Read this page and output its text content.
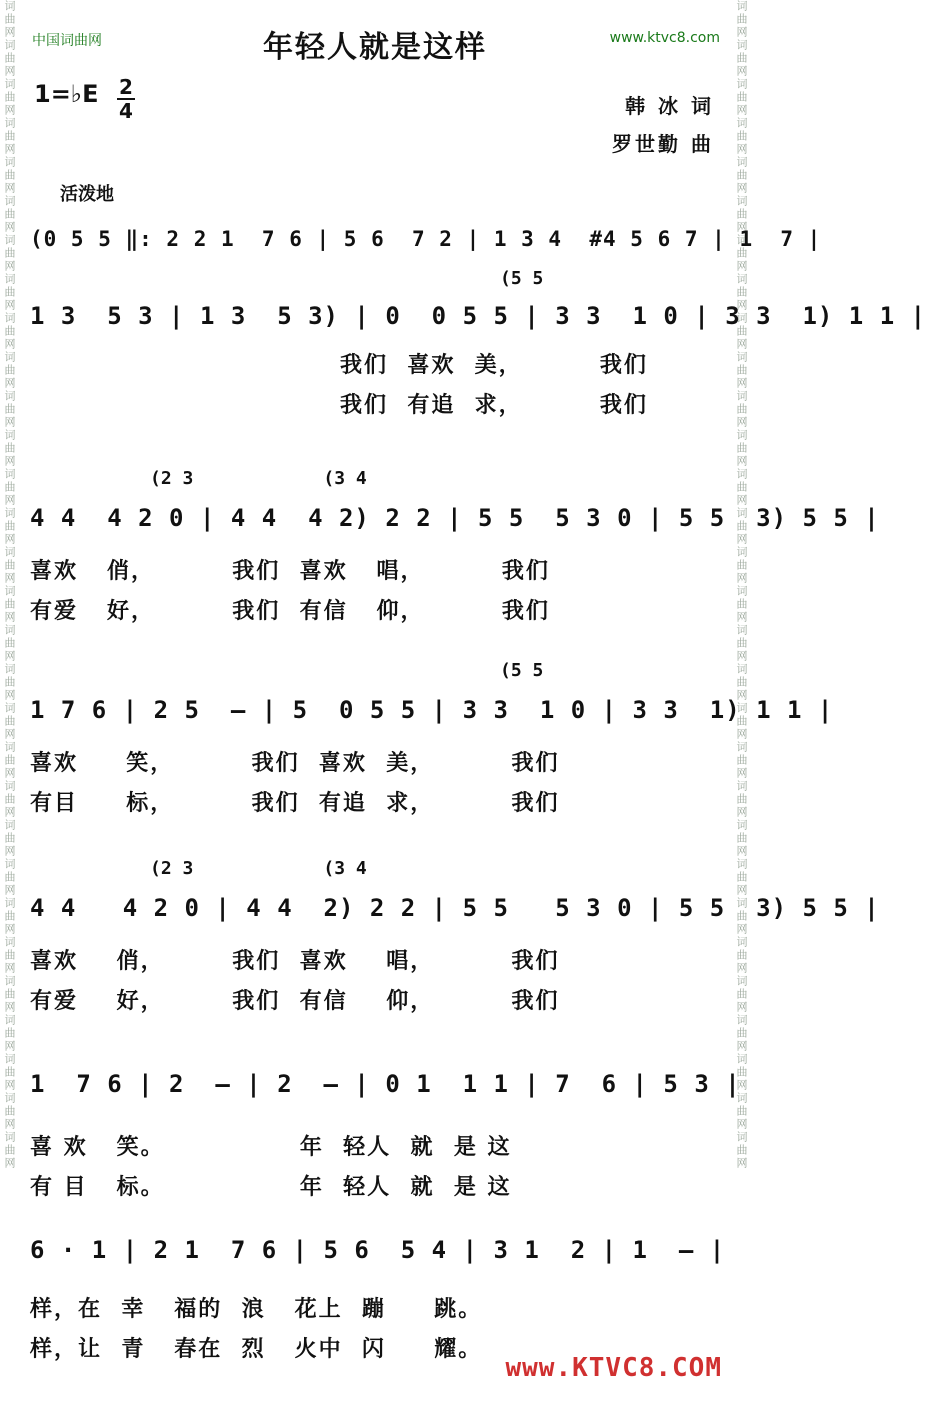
词曲网词曲网词曲网词曲网词曲网词曲网词曲网词曲网词曲网词曲网词曲网词曲网词曲网词曲网词曲网词曲网词曲网词曲网词曲网词曲网词曲网词曲网词曲网词曲网词曲网词曲网词曲网词曲网词曲网词曲网	词曲网词曲网词曲网词曲网词曲网词曲网词曲网词曲网词曲网词曲网词曲网词曲网词曲网词曲网词曲网词曲网词曲网词曲网词曲网词曲网词曲网词曲网词曲网词曲网词曲网词曲网词曲网词曲网词曲网词曲网
中国词曲网	www.ktvc8.com
年轻人就是这样
1=♭E 2
4	韩 冰 词
罗世勤 曲
活泼地
(0 5 5 ‖: 2 2 1  7 6 | 5 6  7 2 | 1 3 4  #4 5 6 7 | 1  7 |
(5 5
1 3  5 3 | 1 3  5 3) | 0  0 5 5 | 3 3  1 0 | 3 3  1) 1 1 |
我们  喜欢  美，        我们
我们  有追  求，        我们
(2 3            (3 4
4 4  4 2 0 | 4 4  4 2) 2 2 | 5 5  5 3 0 | 5 5  3) 5 5 |
喜欢   俏，        我们  喜欢   唱，        我们
有爱   好，        我们  有信   仰，        我们
(5 5
1 7 6 | 2 5  — | 5  0 5 5 | 3 3  1 0 | 3 3  1) 1 1 |
喜欢     笑，        我们  喜欢  美，        我们
有目     标，        我们  有追  求，        我们
(2 3            (3 4
4 4   4 2 0 | 4 4  2) 2 2 | 5 5   5 3 0 | 5 5  3) 5 5 |
喜欢    俏，       我们  喜欢    唱，        我们
有爱    好，       我们  有信    仰，        我们
1  7 6 | 2  — | 2  — | 0 1  1 1 | 7  6 | 5 3 |
喜 欢   笑。              年  轻人  就  是 这
有 目   标。              年  轻人  就  是 这
6 · 1 | 2 1  7 6 | 5 6  5 4 | 3 1  2 | 1  — |
样，在  幸   福的  浪   花上  蹦     跳。
样，让  青   春在  烈   火中  闪     耀。
www.KTVC8.COM
